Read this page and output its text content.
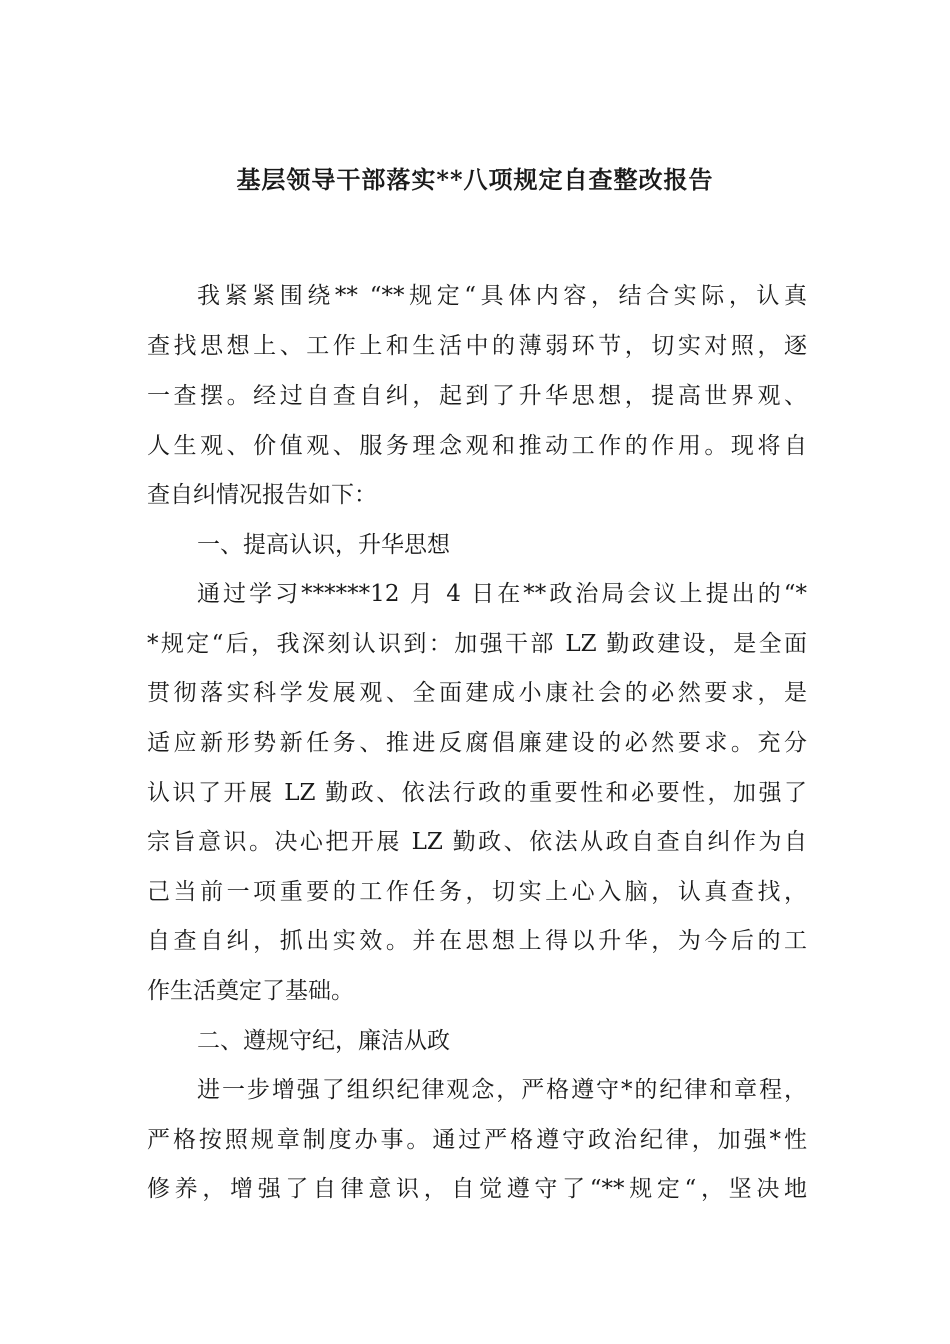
基层领导干部落实**八项规定自查整改报告
我紧紧围绕** “**规定“具体内容，结合实际，认真
查找思想上、工作上和生活中的薄弱环节，切实对照，逐
一查摆。经过自查自纠，起到了升华思想，提高世界观、
人生观、价值观、服务理念观和推动工作的作用。现将自
查自纠情况报告如下：
一、提高认识，升华思想
通过学习******12 月 4 日在**政治局会议上提出的“*
*规定“后，我深刻认识到：加强干部 LZ 勤政建设，是全面
贯彻落实科学发展观、全面建成小康社会的必然要求，是
适应新形势新任务、推进反腐倡廉建设的必然要求。充分
认识了开展 LZ 勤政、依法行政的重要性和必要性，加强了
宗旨意识。决心把开展 LZ 勤政、依法从政自查自纠作为自
己当前一项重要的工作任务，切实上心入脑，认真查找，
自查自纠，抓出实效。并在思想上得以升华，为今后的工
作生活奠定了基础。
二、遵规守纪，廉洁从政
进一步增强了组织纪律观念，严格遵守*的纪律和章程，
严格按照规章制度办事。通过严格遵守政治纪律，加强*性
修养，增强了自律意识，自觉遵守了“**规定“，坚决地
